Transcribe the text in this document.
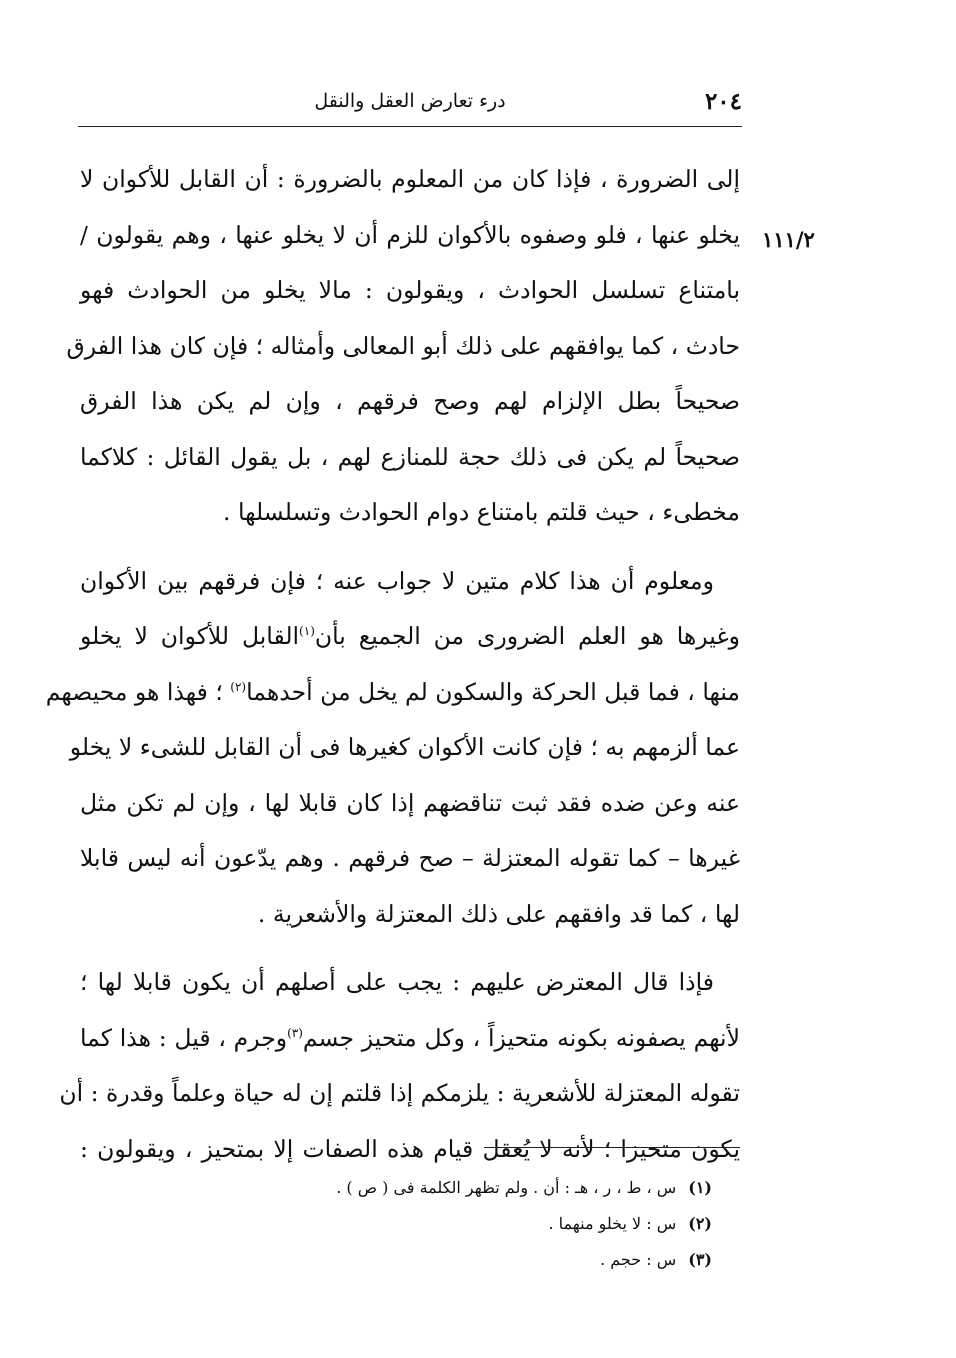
٢٠٤
درء تعارض العقل والنقل
١١١/٢
إلى الضرورة ، فإذا كان من المعلوم بالضرورة : أن القابل للأكوان لا
يخلو عنها ، فلو وصفوه بالأكوان للزم أن لا يخلو عنها ، وهم يقولون /
بامتناع تسلسل الحوادث ، ويقولون : مالا يخلو من الحوادث فهو
حادث ، كما يوافقهم على ذلك أبو المعالى وأمثاله ؛ فإن كان هذا الفرق
صحيحاً بطل الإلزام لهم وصح فرقهم ، وإن لم يكن هذا الفرق
صحيحاً لم يكن فى ذلك حجة للمنازع لهم ، بل يقول القائل : كلاكما
مخطىء ، حيث قلتم بامتناع دوام الحوادث وتسلسلها .
ومعلوم أن هذا كلام متين لا جواب عنه ؛ فإن فرقهم بين الأكوان
وغيرها هو العلم الضرورى من الجميع بأن$^{(١)}$القابل للأكوان لا يخلو
منها ، فما قبل الحركة والسكون لم يخل من أحدهما$^{(٢)}$ ؛ فهذا هو محيصهم
عما ألزمهم به ؛ فإن كانت الأكوان كغيرها فى أن القابل للشىء لا يخلو
عنه وعن ضده فقد ثبت تناقضهم إذا كان قابلا لها ، وإن لم تكن مثل
غيرها – كما تقوله المعتزلة – صح فرقهم . وهم يدّعون أنه ليس قابلا
لها ، كما قد وافقهم على ذلك المعتزلة والأشعرية .
فإذا قال المعترض عليهم : يجب على أصلهم أن يكون قابلا لها ؛
لأنهم يصفونه بكونه متحيزاً ، وكل متحيز جسم$^{(٣)}$وجرم ، قيل : هذا كما
تقوله المعتزلة للأشعرية : يلزمكم إذا قلتم إن له حياة وعلماً وقدرة : أن
يكون متحيزا ؛ لأنه لا يُعقل قيام هذه الصفات إلا بمتحيز ، ويقولون :
(١)س ، ط ، ر ، هـ : أن . ولم تظهر الكلمة فى ( ص ) .
(٢)س : لا يخلو منهما .
(٣)س : حجم .
